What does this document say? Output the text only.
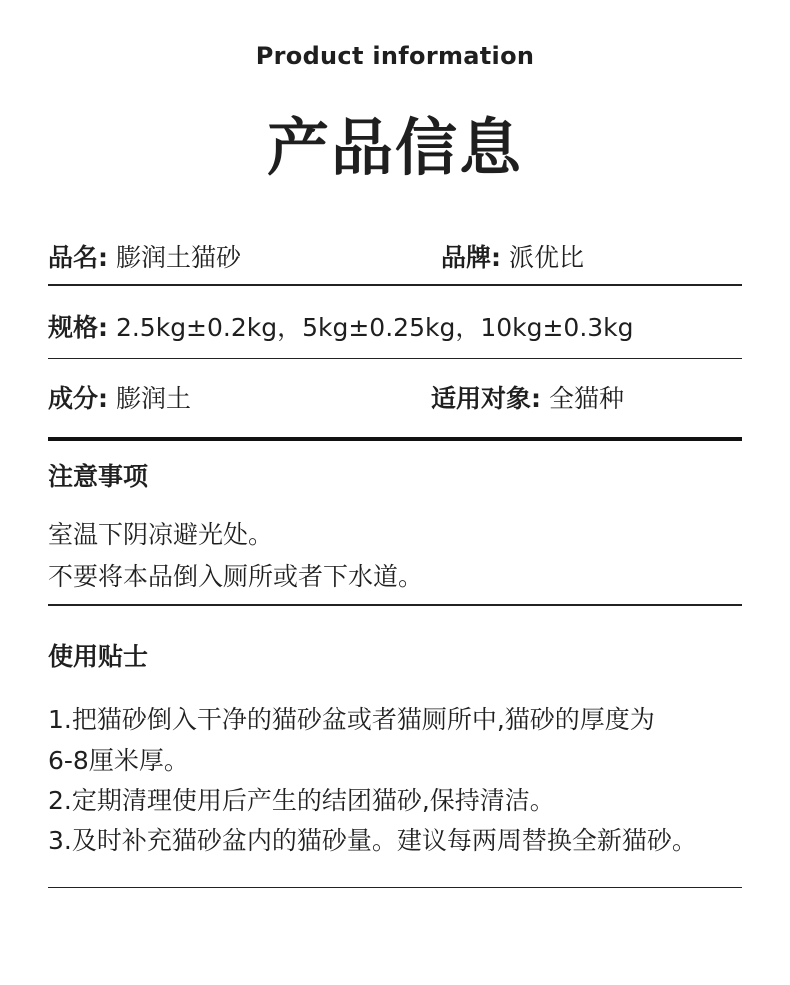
Product information
产品信息
品名: 膨润土猫砂	品牌: 派优比
规格: 2.5kg±0.2kg，5kg±0.25kg，10kg±0.3kg
成分: 膨润土	适用对象: 全猫种
注意事项
室温下阴凉避光处。
不要将本品倒入厕所或者下水道。
使用贴士
1.把猫砂倒入干净的猫砂盆或者猫厕所中,猫砂的厚度为
6-8厘米厚。
2.定期清理使用后产生的结团猫砂,保持清洁。
3.及时补充猫砂盆内的猫砂量。建议每两周替换全新猫砂。
